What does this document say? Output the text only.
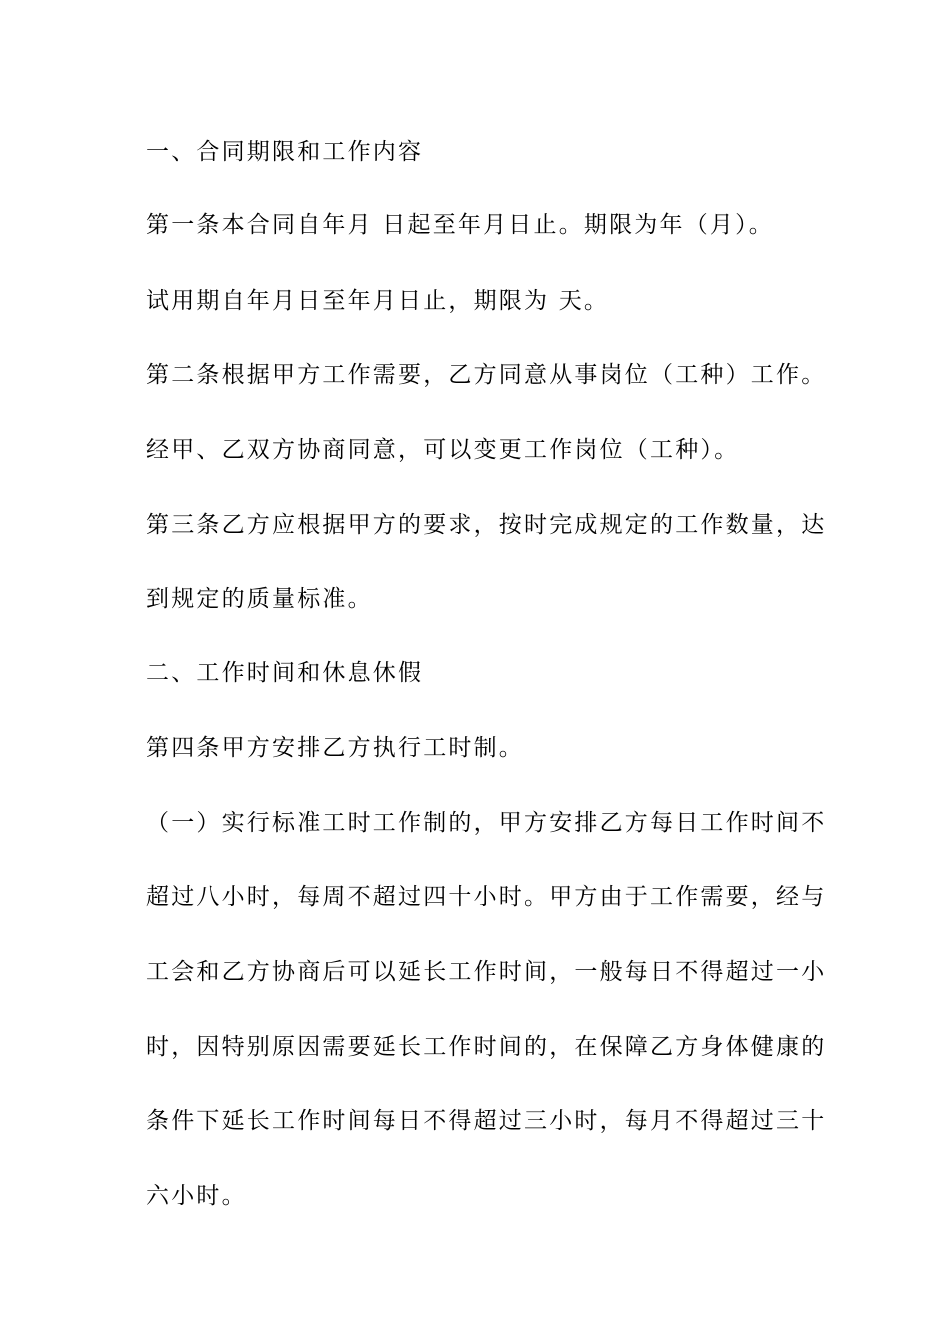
一、合同期限和工作内容
第一条本合同自年月 日起至年月日止。期限为年（月）。
试用期自年月日至年月日止，期限为 天。
第二条根据甲方工作需要，乙方同意从事岗位（工种）工作。
经甲、乙双方协商同意，可以变更工作岗位（工种）。
第三条乙方应根据甲方的要求，按时完成规定的工作数量，达
到规定的质量标准。
二、工作时间和休息休假
第四条甲方安排乙方执行工时制。
（一）实行标准工时工作制的，甲方安排乙方每日工作时间不
超过八小时，每周不超过四十小时。甲方由于工作需要，经与
工会和乙方协商后可以延长工作时间，一般每日不得超过一小
时，因特别原因需要延长工作时间的，在保障乙方身体健康的
条件下延长工作时间每日不得超过三小时，每月不得超过三十
六小时。
